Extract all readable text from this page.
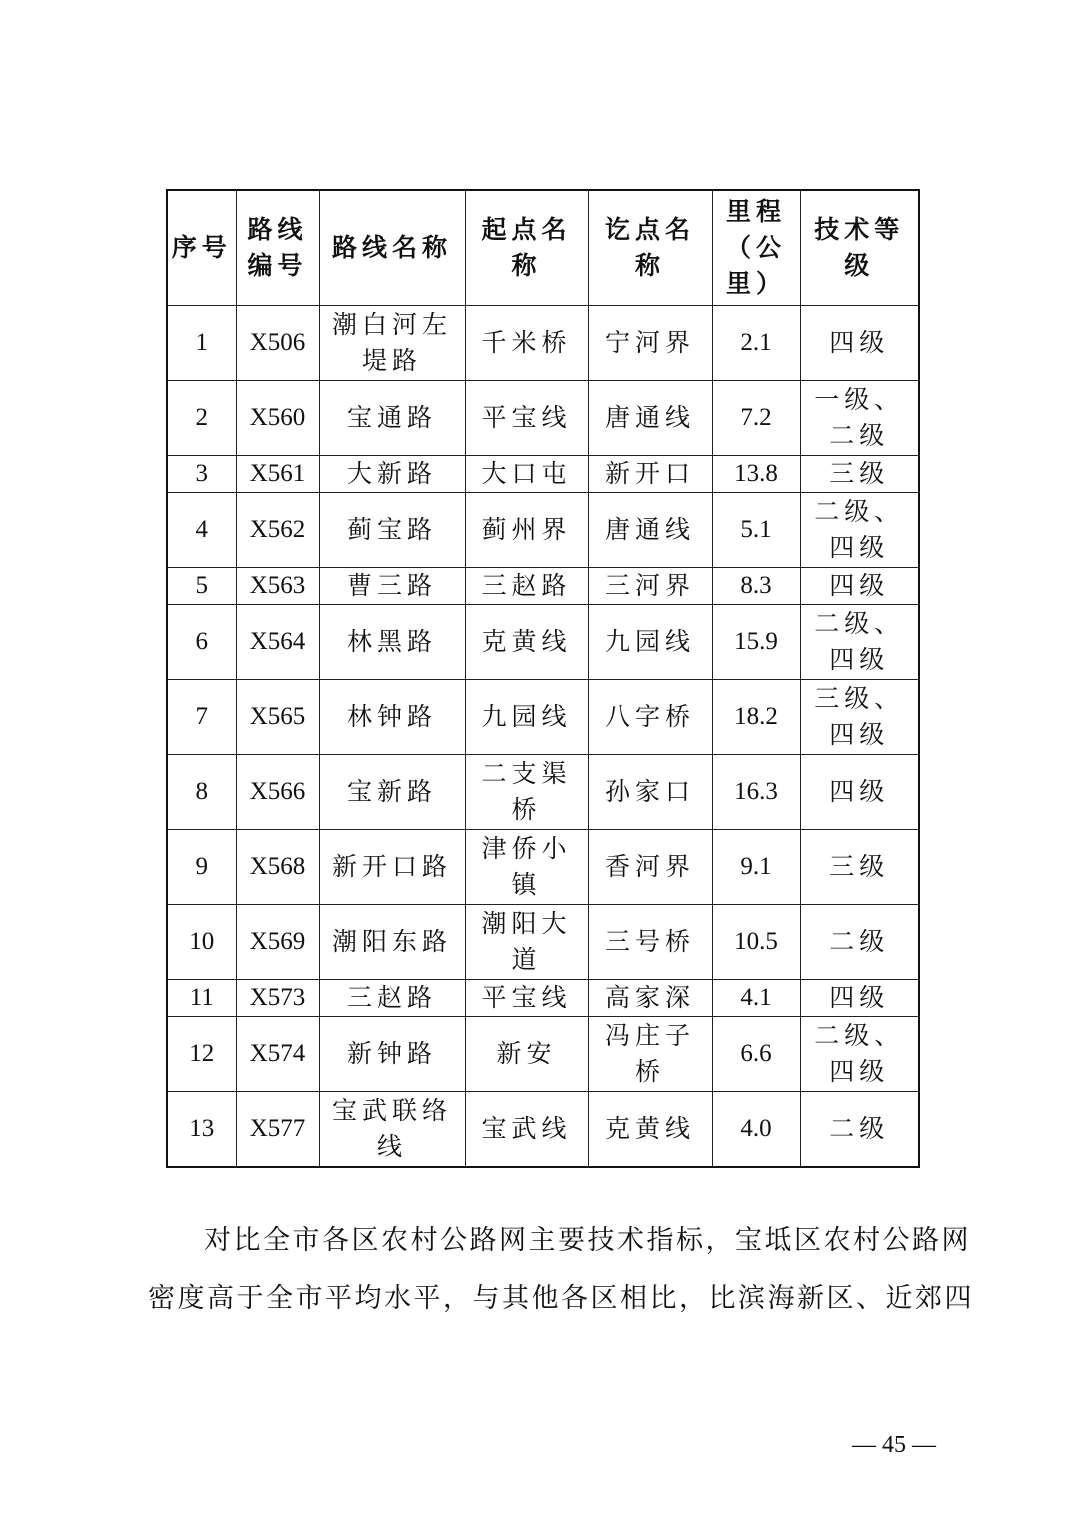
序号	路线编号	路线名称	起点名称	讫点名称	里程（公里）	技术等级
1	X506	潮白河左堤路	千米桥	宁河界	2.1	四级
2	X560	宝通路	平宝线	唐通线	7.2	一级、二级
3	X561	大新路	大口屯	新开口	13.8	三级
4	X562	蓟宝路	蓟州界	唐通线	5.1	二级、四级
5	X563	曹三路	三赵路	三河界	8.3	四级
6	X564	林黑路	克黄线	九园线	15.9	二级、四级
7	X565	林钟路	九园线	八字桥	18.2	三级、四级
8	X566	宝新路	二支渠桥	孙家口	16.3	四级
9	X568	新开口路	津侨小镇	香河界	9.1	三级
10	X569	潮阳东路	潮阳大道	三号桥	10.5	二级
11	X573	三赵路	平宝线	高家深	4.1	四级
12	X574	新钟路	新安	冯庄子桥	6.6	二级、四级
13	X577	宝武联络线	宝武线	克黄线	4.0	二级
对比全市各区农村公路网主要技术指标，宝坻区农村公路网
密度高于全市平均水平，与其他各区相比，比滨海新区、近郊四
— 45 —
